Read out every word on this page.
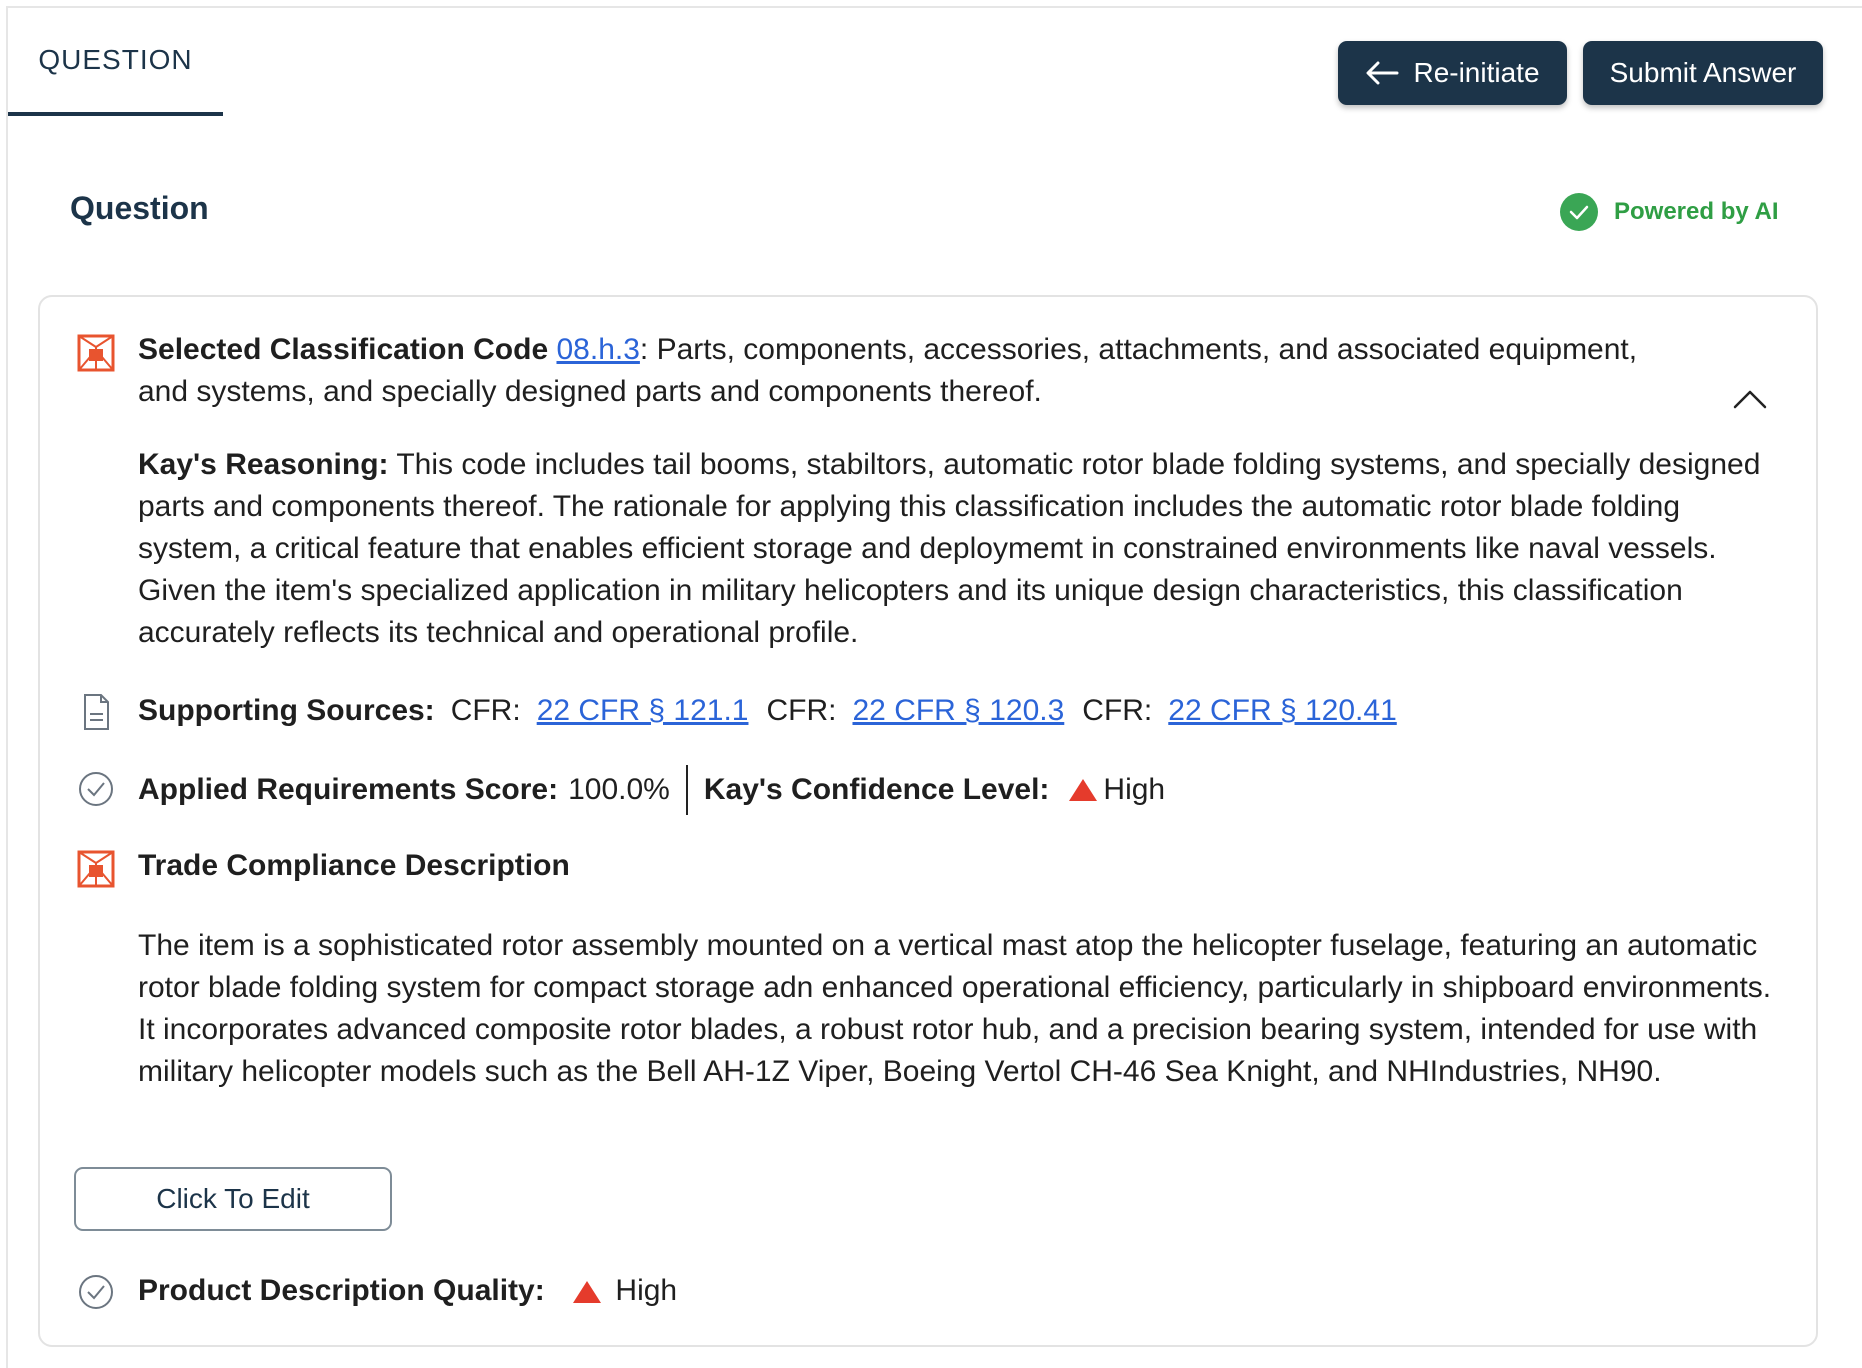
QUESTION	Re-initiate	Submit Answer
Question	Powered by AI
Selected Classification Code 08.h.3: Parts, components, accessories, attachments, and associated equipment, and systems, and specially designed parts and components thereof.
Kay's Reasoning: This code includes tail booms, stabiltors, automatic rotor blade folding systems, and specially designed parts and components thereof. The rationale for applying this classification includes the automatic rotor blade folding system, a critical feature that enables efficient storage and deploymemt in constrained environments like naval vessels. Given the item's specialized application in military helicopters and its unique design characteristics, this classification accurately reflects its technical and operational profile.
Supporting Sources: CFR: 22 CFR § 121.1 CFR: 22 CFR § 120.3 CFR: 22 CFR § 120.41
Applied Requirements Score: 100.0% Kay's Confidence Level: High
Trade Compliance Description
The item is a sophisticated rotor assembly mounted on a vertical mast atop the helicopter fuselage, featuring an automatic rotor blade folding system for compact storage adn enhanced operational efficiency, particularly in shipboard environments. It incorporates advanced composite rotor blades, a robust rotor hub, and a precision bearing system, intended for use with military helicopter models such as the Bell AH-1Z Viper, Boeing Vertol CH-46 Sea Knight, and NHIndustries, NH90.
Click To Edit
Product Description Quality: High
